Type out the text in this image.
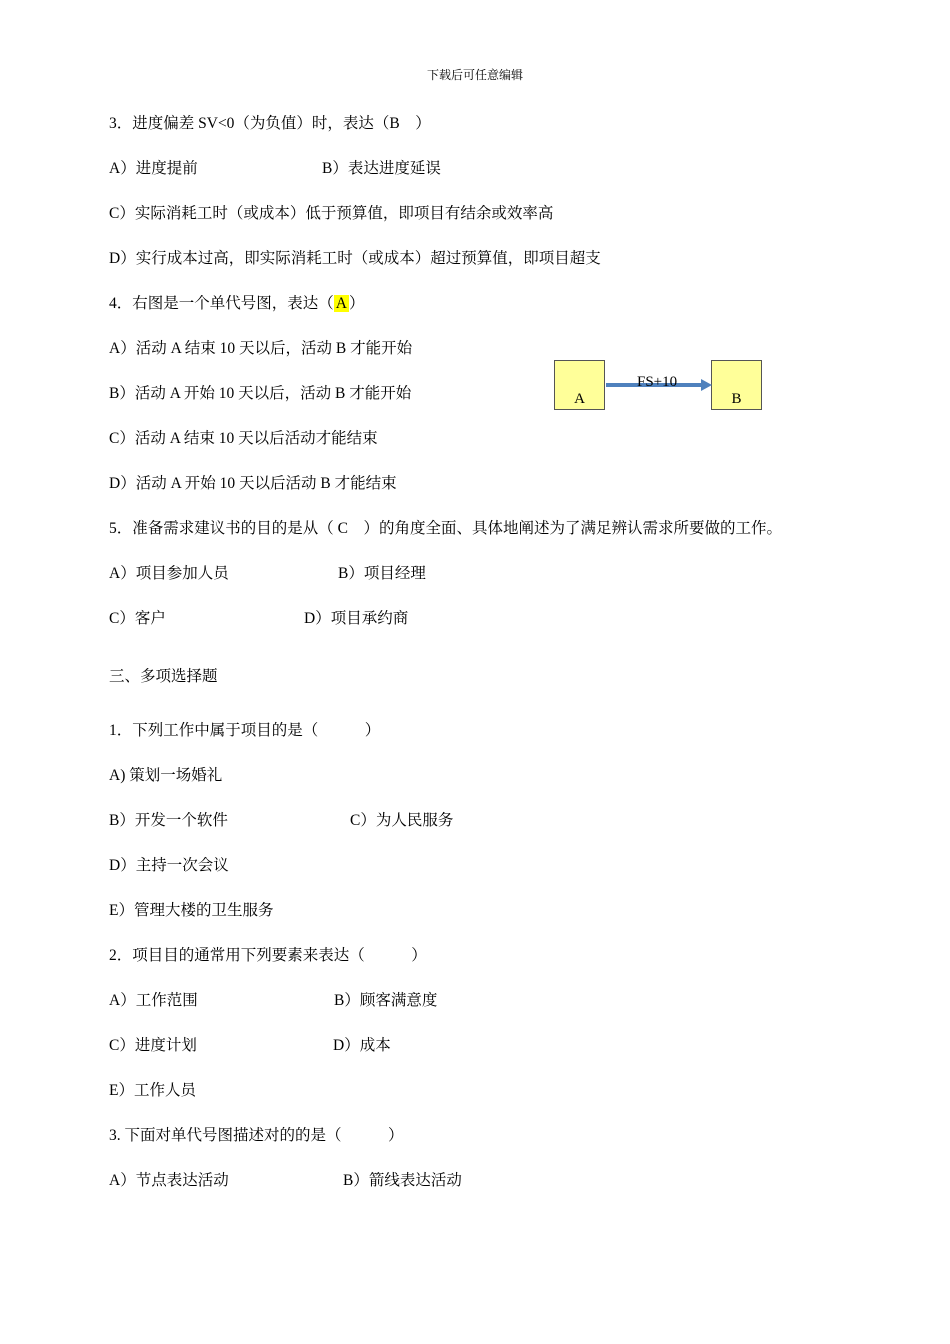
下载后可任意编辑
3．进度偏差 SV<0（为负值）时，表达（B　）
A）进度提前	B）表达进度延误
C）实际消耗工时（或成本）低于预算值，即项目有结余或效率高
D）实行成本过高，即实际消耗工时（或成本）超过预算值，即项目超支
4．右图是一个单代号图，表达（ A ）
A）活动 A 结束 10 天以后，活动 B 才能开始
B）活动 A 开始 10 天以后，活动 B 才能开始
C）活动 A 结束 10 天以后活动才能结束
D）活动 A 开始 10 天以后活动 B 才能结束
A	B
FS+10
5．准备需求建议书的目的是从（ C　）的角度全面、具体地阐述为了满足辨认需求所要做的工作。
A）项目参加人员	B）项目经理
C）客户	D）项目承约商
三、多项选择题
1．下列工作中属于项目的是（　　　）
A) 策划一场婚礼
B）开发一个软件	C）为人民服务
D）主持一次会议
E）管理大楼的卫生服务
2．项目目的通常用下列要素来表达（　　　）
A）工作范围	B）顾客满意度
C）进度计划	D）成本
E）工作人员
3. 下面对单代号图描述对的的是（　　　）
A）节点表达活动	B）箭线表达活动
